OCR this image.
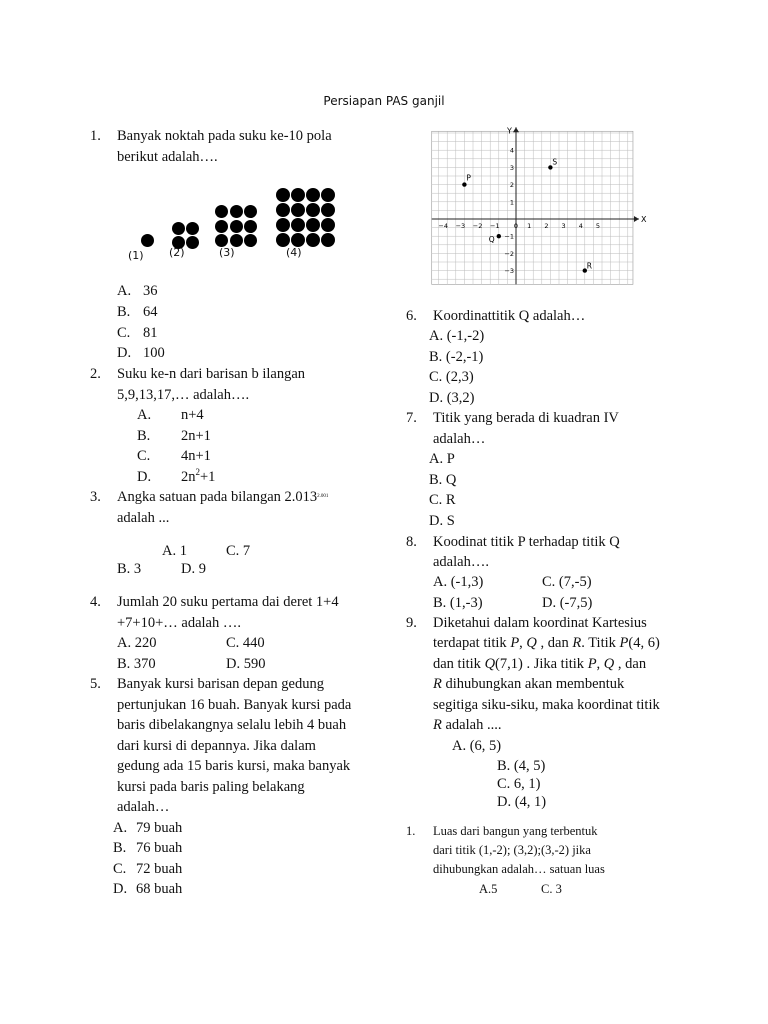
Persiapan PAS ganjil
1. Banyak noktah pada suku ke-10 pola
berikut adalah….
(1) (2)	(3)	(4)
A. 36
B. 64
C. 81
D. 100
2. Suku ke-n dari barisan b ilangan
5,9,13,17,… adalah….
A. n+4
B. 2n+1
C. 4n+1
D. $2n^2+1$
3. Angka satuan pada bilangan $2.013^{2.001}$
adalah ...
A. 1	C. 7
B. 3	D. 9
4. Jumlah 20 suku pertama dai deret 1+4
+7+10+… adalah ….
A. 220	C. 440
B. 370	D. 590
5. Banyak kursi barisan depan gedung
pertunjukan 16 buah. Banyak kursi pada
baris dibelakangnya selalu lebih 4 buah
dari kursi di depannya. Jika dalam
gedung ada 15 baris kursi, maka banyak
kursi pada baris paling belakang
adalah…
A. 79 buah
B. 76 buah
C. 72 buah
D. 68 buah
X
Y
−4 −3 −2 −1 0 1 2 3 4 5
4
3
2
1
−1
−2
−3
P
S
Q
R
6. Koordinattitik Q adalah…
A. (-1,-2)
B. (-2,-1)
C. (2,3)
D. (3,2)
7. Titik yang berada di kuadran IV
adalah…
A. P
B. Q
C. R
D. S
8. Koodinat titik P terhadap titik Q
adalah….
A. (-1,3)	C. (7,-5)
B. (1,-3)	D. (-7,5)
9. Diketahui dalam koordinat Kartesius
terdapat titik P, Q , dan R. Titik P(4, 6)
dan titik Q(7,1) . Jika titik P, Q , dan
R dihubungkan akan membentuk
segitiga siku-siku, maka koordinat titik
R adalah ....
A. (6, 5)
B. (4, 5)
C. 6, 1)
D. (4, 1)
1. Luas dari bangun yang terbentuk
dari titik (1,-2); (3,2);(3,-2) jika
dihubungkan adalah… satuan luas
A.5	C. 3
